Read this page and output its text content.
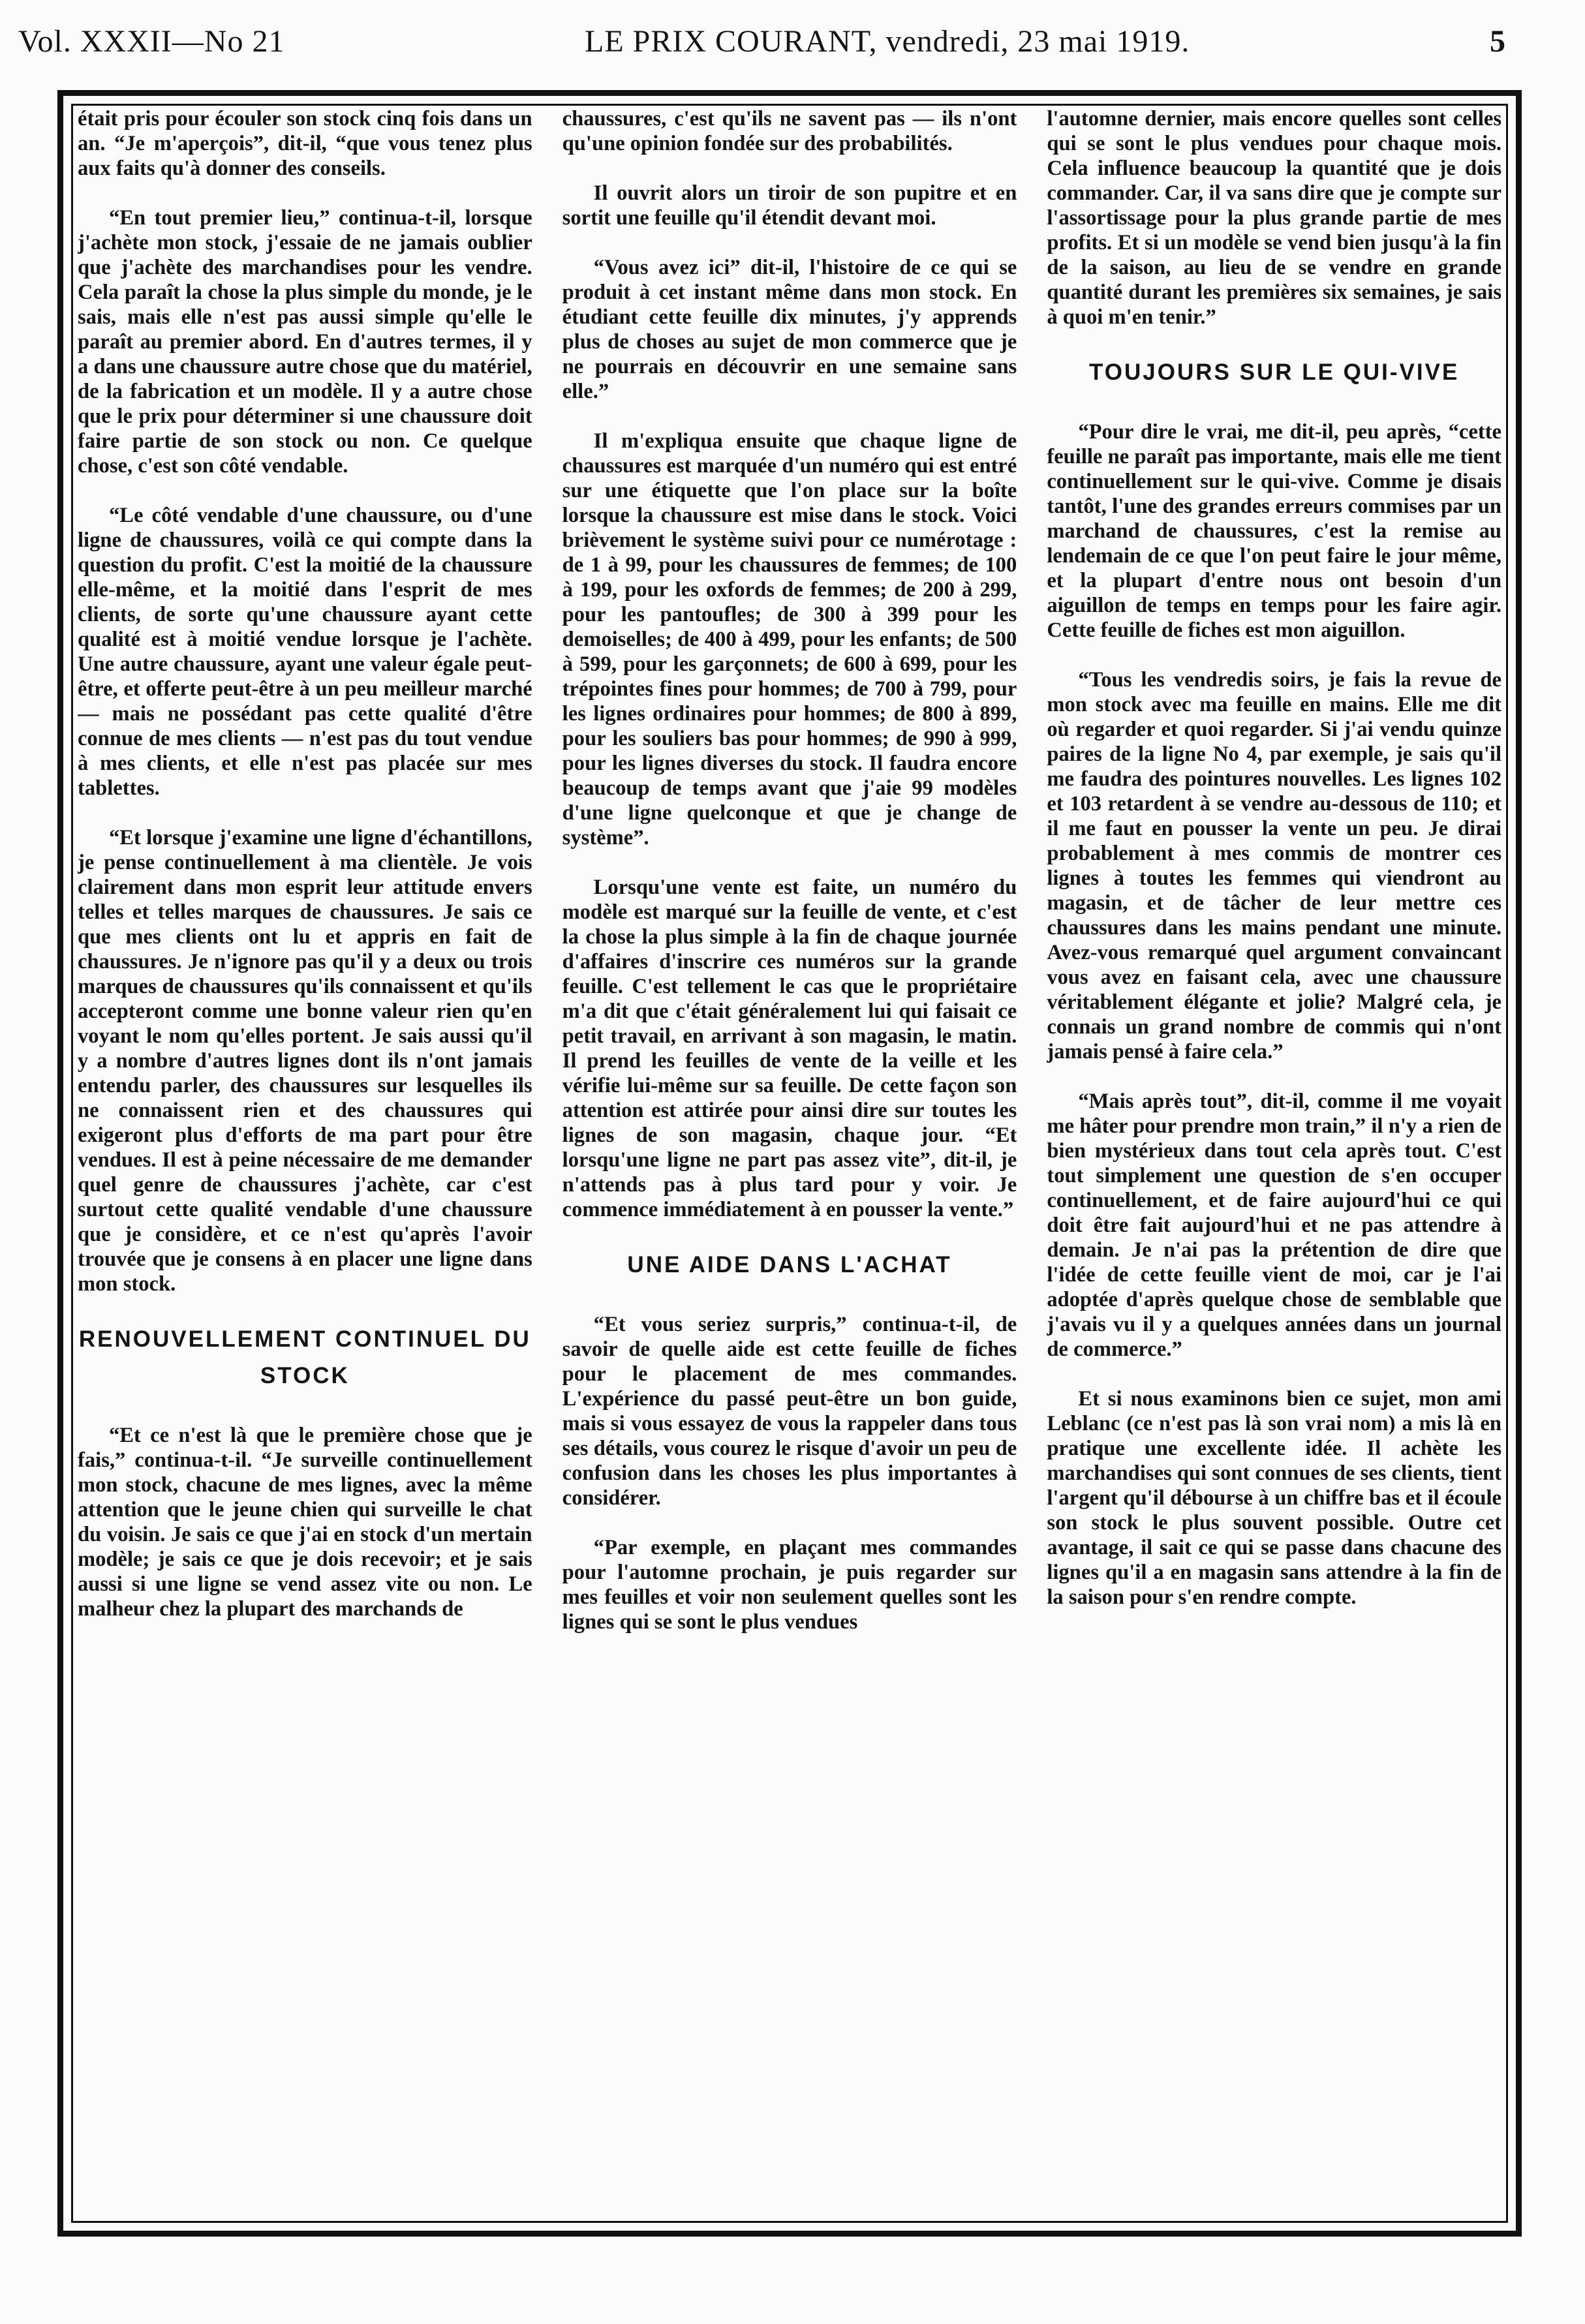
Vol. XXXII—No 21	LE PRIX COURANT, vendredi, 23 mai 1919.	5

était pris pour écouler son stock cinq fois dans un an. “Je m'aperçois”, dit-il, “que vous tenez plus aux faits qu'à donner des conseils.

“En tout premier lieu,” continua-t-il, lorsque j'achète mon stock, j'essaie de ne jamais oublier que j'achète des marchandises pour les vendre. Cela paraît la chose la plus simple du monde, je le sais, mais elle n'est pas aussi simple qu'elle le paraît au premier abord. En d'autres termes, il y a dans une chaussure autre chose que du matériel, de la fabrication et un modèle. Il y a autre chose que le prix pour déterminer si une chaussure doit faire partie de son stock ou non. Ce quelque chose, c'est son côté vendable.

“Le côté vendable d'une chaussure, ou d'une ligne de chaussures, voilà ce qui compte dans la question du profit. C'est la moitié de la chaussure elle-même, et la moitié dans l'esprit de mes clients, de sorte qu'une chaussure ayant cette qualité est à moitié vendue lorsque je l'achète. Une autre chaussure, ayant une valeur égale peut-être, et offerte peut-être à un peu meilleur marché — mais ne possédant pas cette qualité d'être connue de mes clients — n'est pas du tout vendue à mes clients, et elle n'est pas placée sur mes tablettes.

“Et lorsque j'examine une ligne d'échantillons, je pense continuellement à ma clientèle. Je vois clairement dans mon esprit leur attitude envers telles et telles marques de chaussures. Je sais ce que mes clients ont lu et appris en fait de chaussures. Je n'ignore pas qu'il y a deux ou trois marques de chaussures qu'ils connaissent et qu'ils accepteront comme une bonne valeur rien qu'en voyant le nom qu'elles portent. Je sais aussi qu'il y a nombre d'autres lignes dont ils n'ont jamais entendu parler, des chaussures sur lesquelles ils ne connaissent rien et des chaussures qui exigeront plus d'efforts de ma part pour être vendues. Il est à peine nécessaire de me demander quel genre de chaussures j'achète, car c'est surtout cette qualité vendable d'une chaussure que je considère, et ce n'est qu'après l'avoir trouvée que je consens à en placer une ligne dans mon stock.

RENOUVELLEMENT CONTINUEL DU STOCK

“Et ce n'est là que le première chose que je fais,” continua-t-il. “Je surveille continuellement mon stock, chacune de mes lignes, avec la même attention que le jeune chien qui surveille le chat du voisin. Je sais ce que j'ai en stock d'un mertain modèle; je sais ce que je dois recevoir; et je sais aussi si une ligne se vend assez vite ou non. Le malheur chez la plupart des marchands de

chaussures, c'est qu'ils ne savent pas — ils n'ont qu'une opinion fondée sur des probabilités.

Il ouvrit alors un tiroir de son pupitre et en sortit une feuille qu'il étendit devant moi.

“Vous avez ici” dit-il, l'histoire de ce qui se produit à cet instant même dans mon stock. En étudiant cette feuille dix minutes, j'y apprends plus de choses au sujet de mon commerce que je ne pourrais en découvrir en une semaine sans elle.”

Il m'expliqua ensuite que chaque ligne de chaussures est marquée d'un numéro qui est entré sur une étiquette que l'on place sur la boîte lorsque la chaussure est mise dans le stock. Voici brièvement le système suivi pour ce numérotage : de 1 à 99, pour les chaussures de femmes; de 100 à 199, pour les oxfords de femmes; de 200 à 299, pour les pantoufles; de 300 à 399 pour les demoiselles; de 400 à 499, pour les enfants; de 500 à 599, pour les garçonnets; de 600 à 699, pour les trépointes fines pour hommes; de 700 à 799, pour les lignes ordinaires pour hommes; de 800 à 899, pour les souliers bas pour hommes; de 990 à 999, pour les lignes diverses du stock. Il faudra encore beaucoup de temps avant que j'aie 99 modèles d'une ligne quelconque et que je change de système”.

Lorsqu'une vente est faite, un numéro du modèle est marqué sur la feuille de vente, et c'est la chose la plus simple à la fin de chaque journée d'affaires d'inscrire ces numéros sur la grande feuille. C'est tellement le cas que le propriétaire m'a dit que c'était généralement lui qui faisait ce petit travail, en arrivant à son magasin, le matin. Il prend les feuilles de vente de la veille et les vérifie lui-même sur sa feuille. De cette façon son attention est attirée pour ainsi dire sur toutes les lignes de son magasin, chaque jour. “Et lorsqu'une ligne ne part pas assez vite”, dit-il, je n'attends pas à plus tard pour y voir. Je commence immédiatement à en pousser la vente.”

UNE AIDE DANS L'ACHAT

“Et vous seriez surpris,” continua-t-il, de savoir de quelle aide est cette feuille de fiches pour le placement de mes commandes. L'expérience du passé peut-être un bon guide, mais si vous essayez de vous la rappeler dans tous ses détails, vous courez le risque d'avoir un peu de confusion dans les choses les plus importantes à considérer.

“Par exemple, en plaçant mes commandes pour l'automne prochain, je puis regarder sur mes feuilles et voir non seulement quelles sont les lignes qui se sont le plus vendues

l'automne dernier, mais encore quelles sont celles qui se sont le plus vendues pour chaque mois. Cela influence beaucoup la quantité que je dois commander. Car, il va sans dire que je compte sur l'assortissage pour la plus grande partie de mes profits. Et si un modèle se vend bien jusqu'à la fin de la saison, au lieu de se vendre en grande quantité durant les premières six semaines, je sais à quoi m'en tenir.”

TOUJOURS SUR LE QUI-VIVE

“Pour dire le vrai, me dit-il, peu après, “cette feuille ne paraît pas importante, mais elle me tient continuellement sur le qui-vive. Comme je disais tantôt, l'une des grandes erreurs commises par un marchand de chaussures, c'est la remise au lendemain de ce que l'on peut faire le jour même, et la plupart d'entre nous ont besoin d'un aiguillon de temps en temps pour les faire agir. Cette feuille de fiches est mon aiguillon.

“Tous les vendredis soirs, je fais la revue de mon stock avec ma feuille en mains. Elle me dit où regarder et quoi regarder. Si j'ai vendu quinze paires de la ligne No 4, par exemple, je sais qu'il me faudra des pointures nouvelles. Les lignes 102 et 103 retardent à se vendre au-dessous de 110; et il me faut en pousser la vente un peu. Je dirai probablement à mes commis de montrer ces lignes à toutes les femmes qui viendront au magasin, et de tâcher de leur mettre ces chaussures dans les mains pendant une minute. Avez-vous remarqué quel argument convaincant vous avez en faisant cela, avec une chaussure véritablement élégante et jolie? Malgré cela, je connais un grand nombre de commis qui n'ont jamais pensé à faire cela.”

“Mais après tout”, dit-il, comme il me voyait me hâter pour prendre mon train,” il n'y a rien de bien mystérieux dans tout cela après tout. C'est tout simplement une question de s'en occuper continuellement, et de faire aujourd'hui ce qui doit être fait aujourd'hui et ne pas attendre à demain. Je n'ai pas la prétention de dire que l'idée de cette feuille vient de moi, car je l'ai adoptée d'après quelque chose de semblable que j'avais vu il y a quelques années dans un journal de commerce.”

Et si nous examinons bien ce sujet, mon ami Leblanc (ce n'est pas là son vrai nom) a mis là en pratique une excellente idée. Il achète les marchandises qui sont connues de ses clients, tient l'argent qu'il débourse à un chiffre bas et il écoule son stock le plus souvent possible. Outre cet avantage, il sait ce qui se passe dans chacune des lignes qu'il a en magasin sans attendre à la fin de la saison pour s'en rendre compte.
